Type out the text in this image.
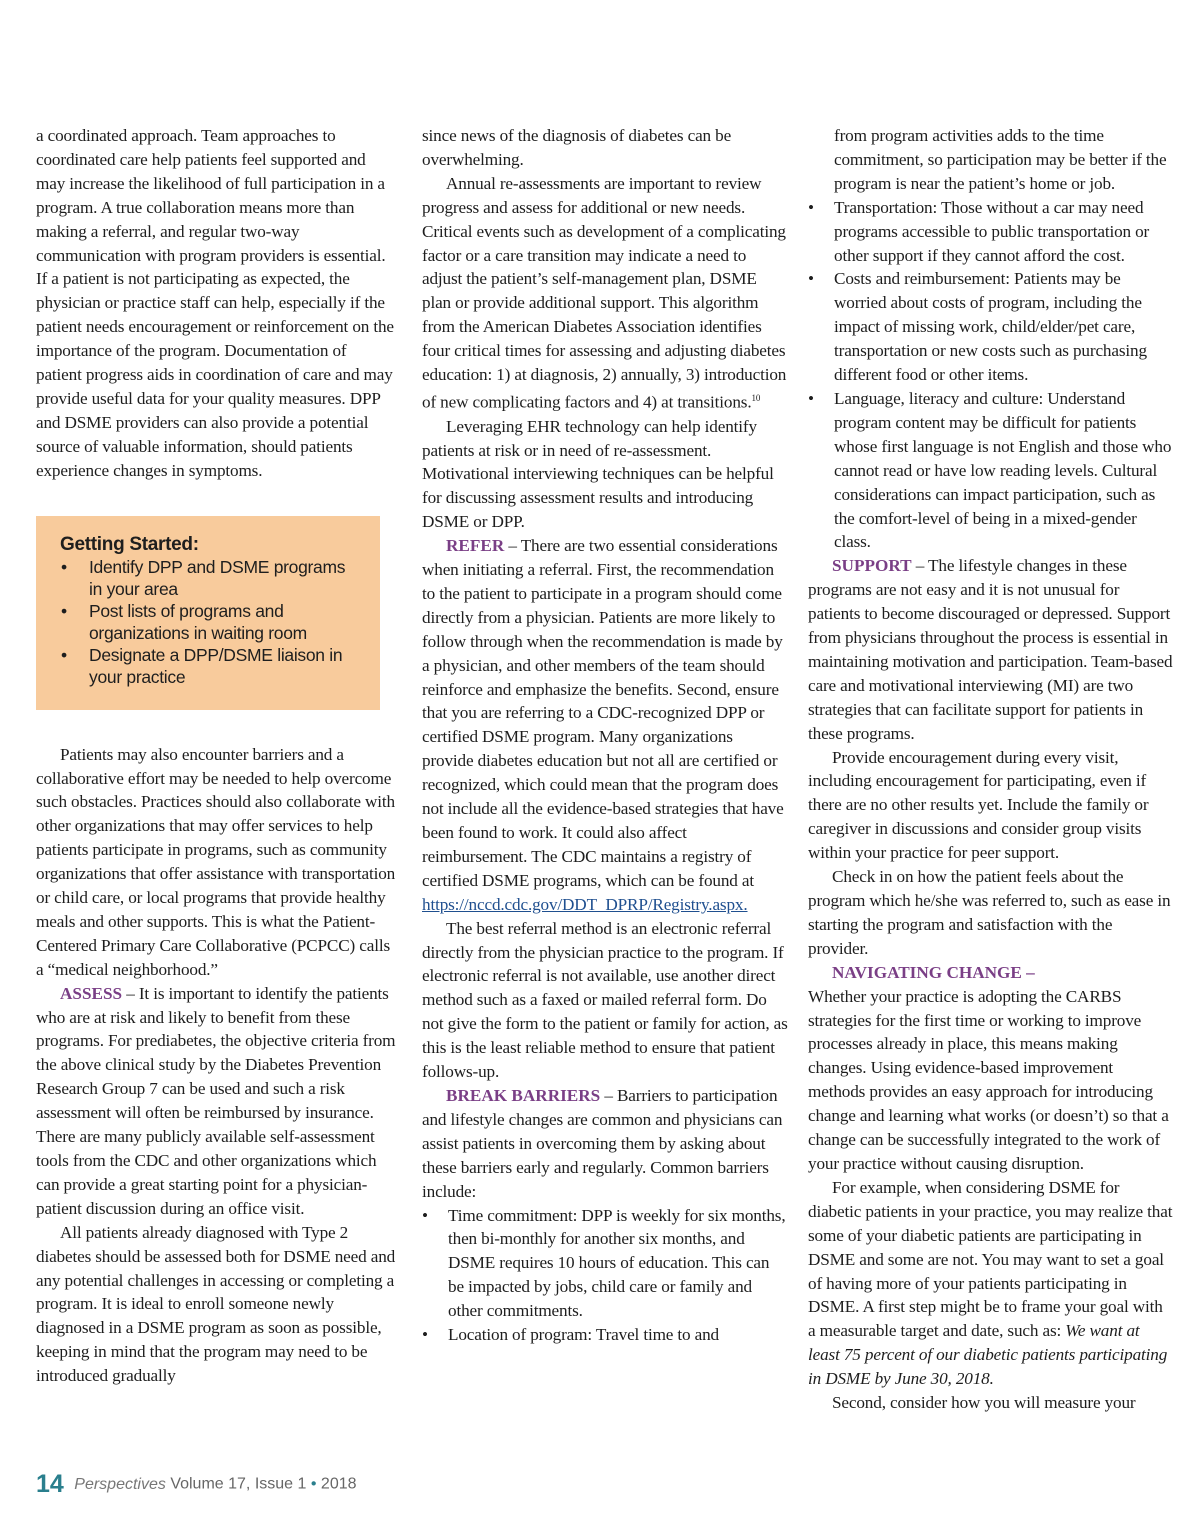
a coordinated approach. Team approaches to coordinated care help patients feel supported and may increase the likelihood of full participation in a program. A true collaboration means more than making a referral, and regular two-way communication with program providers is essential. If a patient is not participating as expected, the physician or practice staff can help, especially if the patient needs encouragement or reinforcement on the importance of the program. Documentation of patient progress aids in coordination of care and may provide useful data for your quality measures. DPP and DSME providers can also provide a potential source of valuable information, should patients experience changes in symptoms.

Getting Started:
• Identify DPP and DSME programs in your area
• Post lists of programs and organizations in waiting room
• Designate a DPP/DSME liaison in your practice

Patients may also encounter barriers and a collaborative effort may be needed to help overcome such obstacles. Practices should also collaborate with other organizations that may offer services to help patients participate in programs, such as community organizations that offer assistance with transportation or child care, or local programs that provide healthy meals and other supports. This is what the Patient-Centered Primary Care Collaborative (PCPCC) calls a “medical neighborhood.”

ASSESS – It is important to identify the patients who are at risk and likely to benefit from these programs. For prediabetes, the objective criteria from the above clinical study by the Diabetes Prevention Research Group 7 can be used and such a risk assessment will often be reimbursed by insurance. There are many publicly available self-assessment tools from the CDC and other organizations which can provide a great starting point for a physician-patient discussion during an office visit.

All patients already diagnosed with Type 2 diabetes should be assessed both for DSME need and any potential challenges in accessing or completing a program. It is ideal to enroll someone newly diagnosed in a DSME program as soon as possible, keeping in mind that the program may need to be introduced gradually

since news of the diagnosis of diabetes can be overwhelming.

Annual re-assessments are important to review progress and assess for additional or new needs. Critical events such as development of a complicating factor or a care transition may indicate a need to adjust the patient’s self-management plan, DSME plan or provide additional support. This algorithm from the American Diabetes Association identifies four critical times for assessing and adjusting diabetes education: 1) at diagnosis, 2) annually, 3) introduction of new complicating factors and 4) at transitions.$^{10}$

Leveraging EHR technology can help identify patients at risk or in need of re-assessment. Motivational interviewing techniques can be helpful for discussing assessment results and introducing DSME or DPP.

REFER – There are two essential considerations when initiating a referral. First, the recommendation to the patient to participate in a program should come directly from a physician. Patients are more likely to follow through when the recommendation is made by a physician, and other members of the team should reinforce and emphasize the benefits. Second, ensure that you are referring to a CDC-recognized DPP or certified DSME program. Many organizations provide diabetes education but not all are certified or recognized, which could mean that the program does not include all the evidence-based strategies that have been found to work. It could also affect reimbursement. The CDC maintains a registry of certified DSME programs, which can be found at https://nccd.cdc.gov/DDT_DPRP/Registry.aspx.

The best referral method is an electronic referral directly from the physician practice to the program. If electronic referral is not available, use another direct method such as a faxed or mailed referral form. Do not give the form to the patient or family for action, as this is the least reliable method to ensure that patient follows-up.

BREAK BARRIERS – Barriers to participation and lifestyle changes are common and physicians can assist patients in overcoming them by asking about these barriers early and regularly. Common barriers include:

• Time commitment: DPP is weekly for six months, then bi-monthly for another six months, and DSME requires 10 hours of education. This can be impacted by jobs, child care or family and other commitments.
• Location of program: Travel time to and

from program activities adds to the time commitment, so participation may be better if the program is near the patient’s home or job.

• Transportation: Those without a car may need programs accessible to public transportation or other support if they cannot afford the cost.
• Costs and reimbursement: Patients may be worried about costs of program, including the impact of missing work, child/elder/pet care, transportation or new costs such as purchasing different food or other items.
• Language, literacy and culture: Understand program content may be difficult for patients whose first language is not English and those who cannot read or have low reading levels. Cultural considerations can impact participation, such as the comfort-level of being in a mixed-gender class.

SUPPORT – The lifestyle changes in these programs are not easy and it is not unusual for patients to become discouraged or depressed. Support from physicians throughout the process is essential in maintaining motivation and participation. Team-based care and motivational interviewing (MI) are two strategies that can facilitate support for patients in these programs.

Provide encouragement during every visit, including encouragement for participating, even if there are no other results yet. Include the family or caregiver in discussions and consider group visits within your practice for peer support.

Check in on how the patient feels about the program which he/she was referred to, such as ease in starting the program and satisfaction with the provider.

NAVIGATING CHANGE –

Whether your practice is adopting the CARBS strategies for the first time or working to improve processes already in place, this means making changes. Using evidence-based improvement methods provides an easy approach for introducing change and learning what works (or doesn’t) so that a change can be successfully integrated to the work of your practice without causing disruption.

For example, when considering DSME for diabetic patients in your practice, you may realize that some of your diabetic patients are participating in DSME and some are not. You may want to set a goal of having more of your patients participating in DSME. A first step might be to frame your goal with a measurable target and date, such as: We want at least 75 percent of our diabetic patients participating in DSME by June 30, 2018.

Second, consider how you will measure your

14 Perspectives Volume 17, Issue 1 • 2018
